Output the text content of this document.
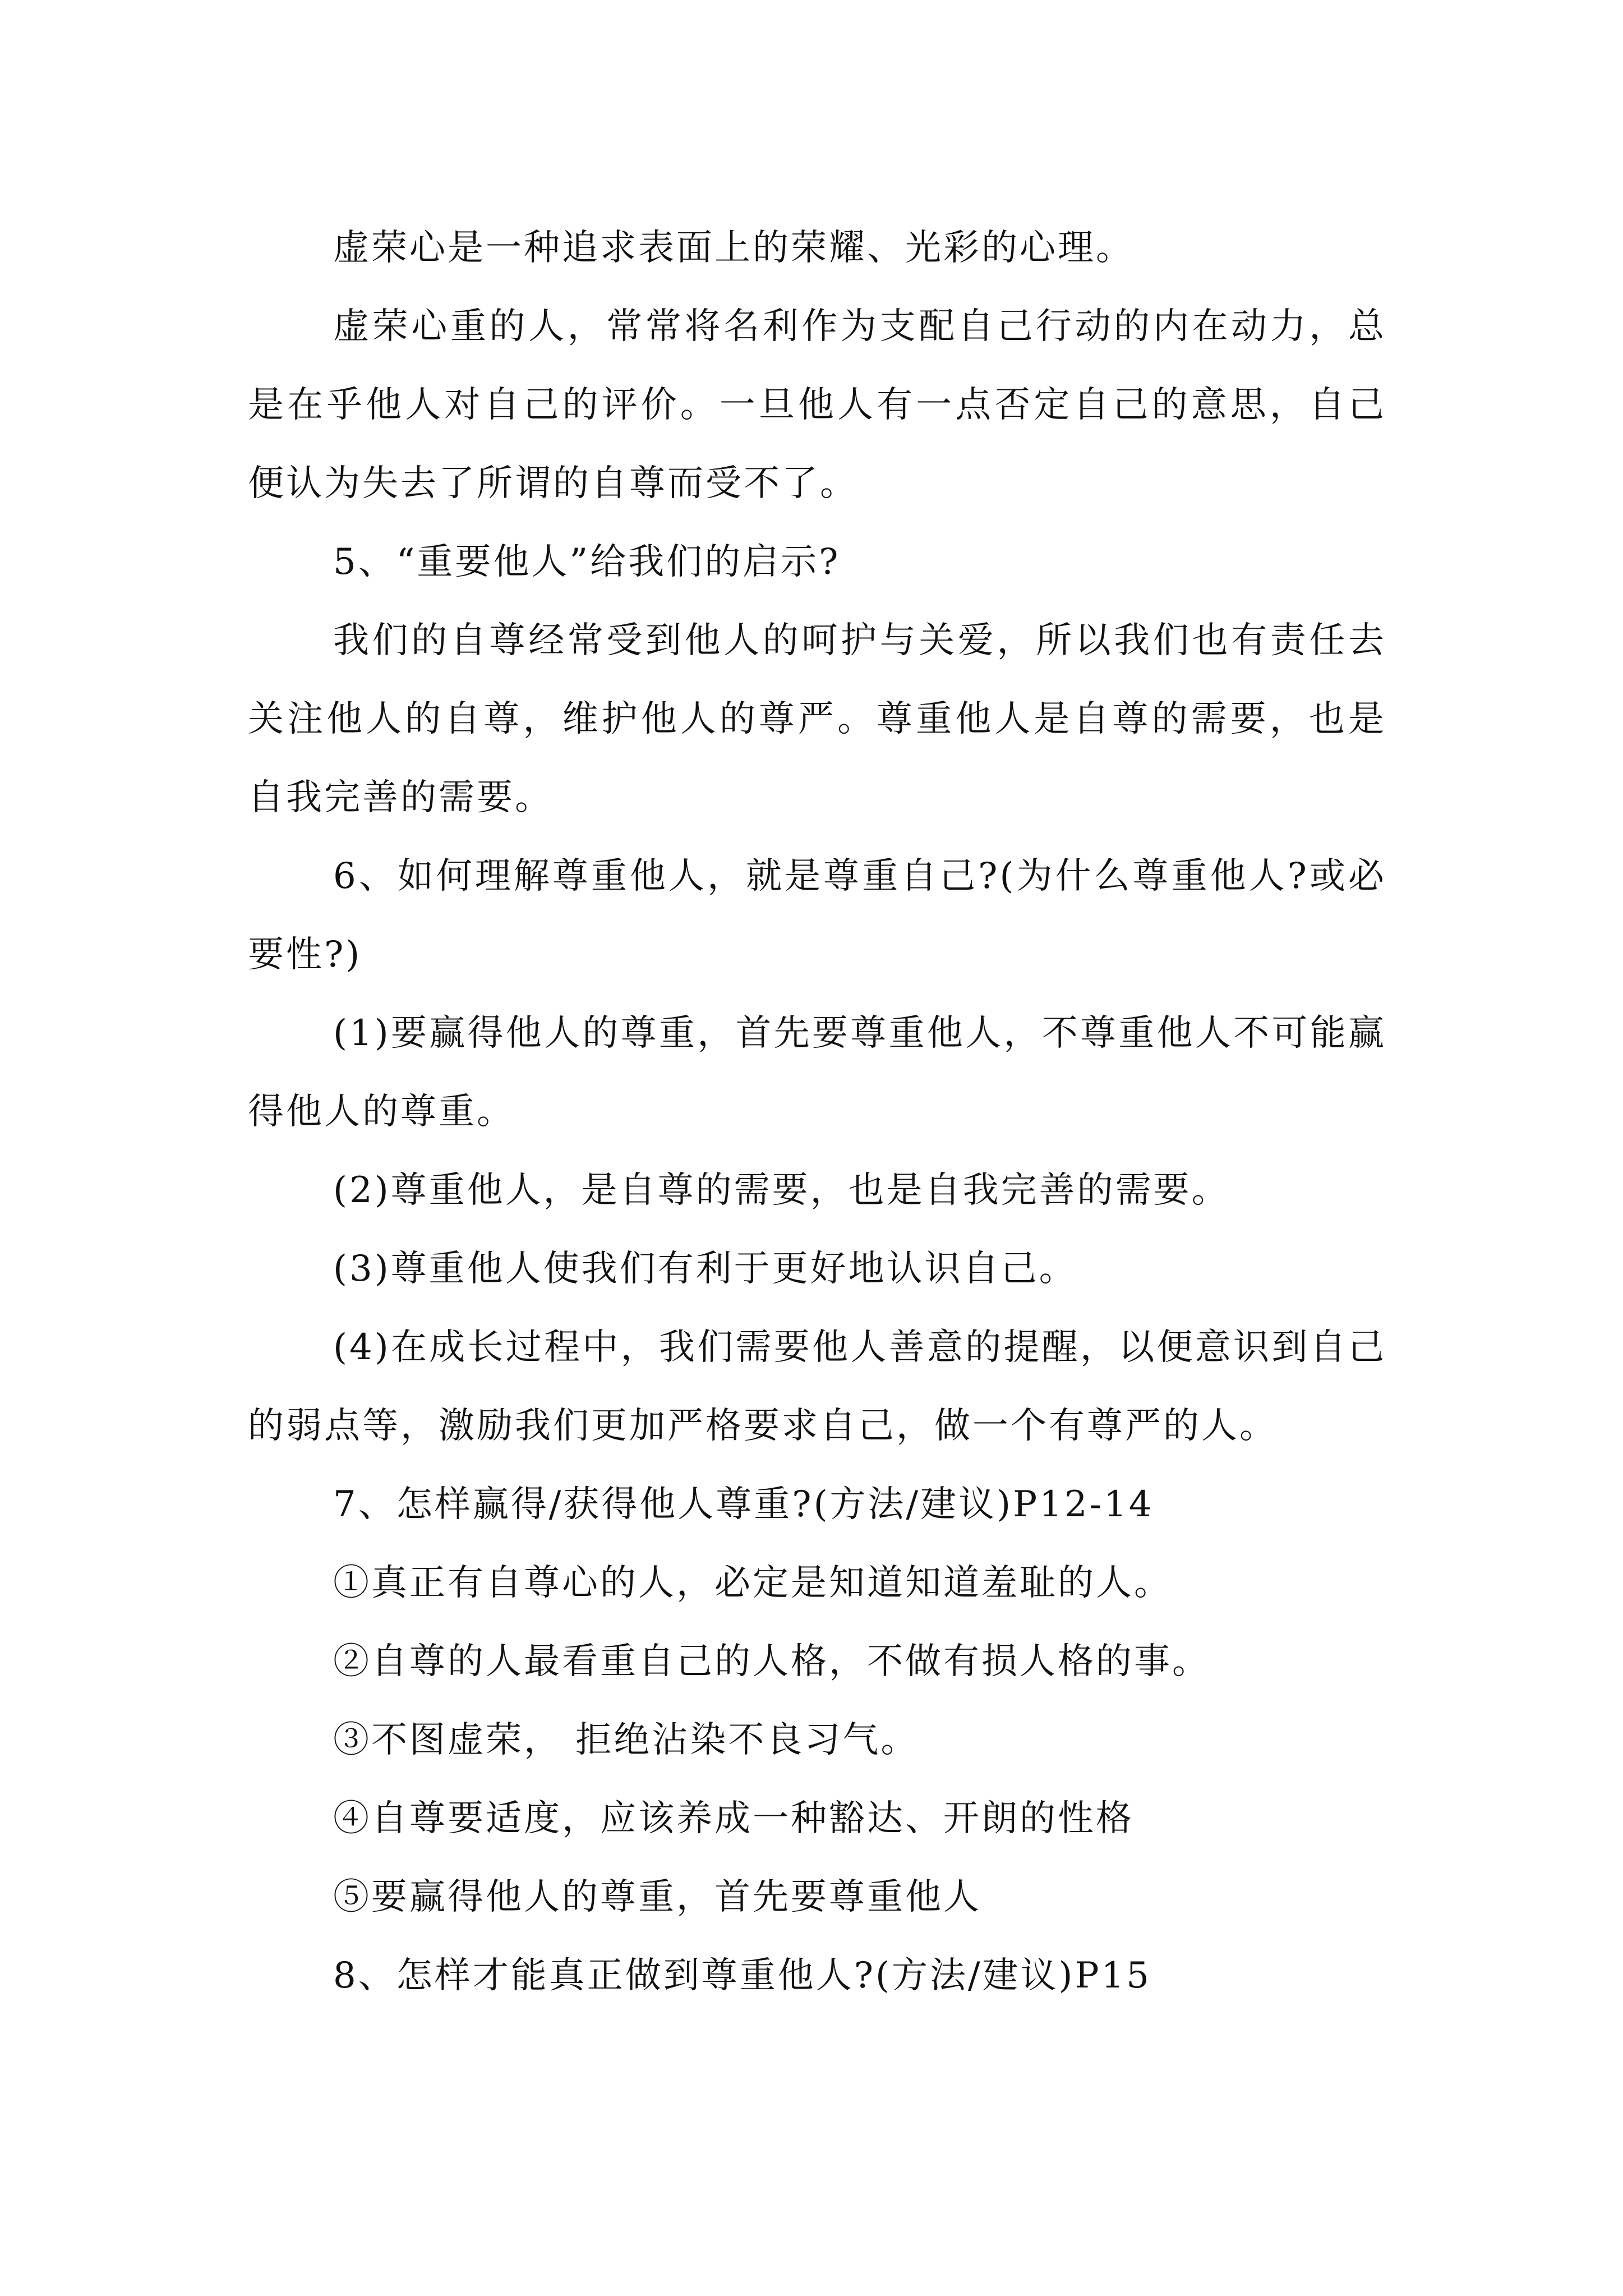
虚荣心是一种追求表面上的荣耀、光彩的心理。

虚荣心重的人，常常将名利作为支配自己行动的内在动力，总是在乎他人对自己的评价。一旦他人有一点否定自己的意思，自己便认为失去了所谓的自尊而受不了。

5、“重要他人”给我们的启示?

我们的自尊经常受到他人的呵护与关爱，所以我们也有责任去关注他人的自尊，维护他人的尊严。尊重他人是自尊的需要，也是自我完善的需要。

6、如何理解尊重他人，就是尊重自己?(为什么尊重他人?或必要性?)

(1)要赢得他人的尊重，首先要尊重他人，不尊重他人不可能赢得他人的尊重。

(2)尊重他人，是自尊的需要，也是自我完善的需要。

(3)尊重他人使我们有利于更好地认识自己。

(4)在成长过程中，我们需要他人善意的提醒，以便意识到自己的弱点等，激励我们更加严格要求自己，做一个有尊严的人。

7、怎样赢得/获得他人尊重?(方法/建议)P12-14

①真正有自尊心的人，必定是知道知道羞耻的人。

②自尊的人最看重自己的人格，不做有损人格的事。

③不图虚荣， 拒绝沾染不良习气。

④自尊要适度，应该养成一种豁达、开朗的性格

⑤要赢得他人的尊重，首先要尊重他人

8、怎样才能真正做到尊重他人?(方法/建议)P15
